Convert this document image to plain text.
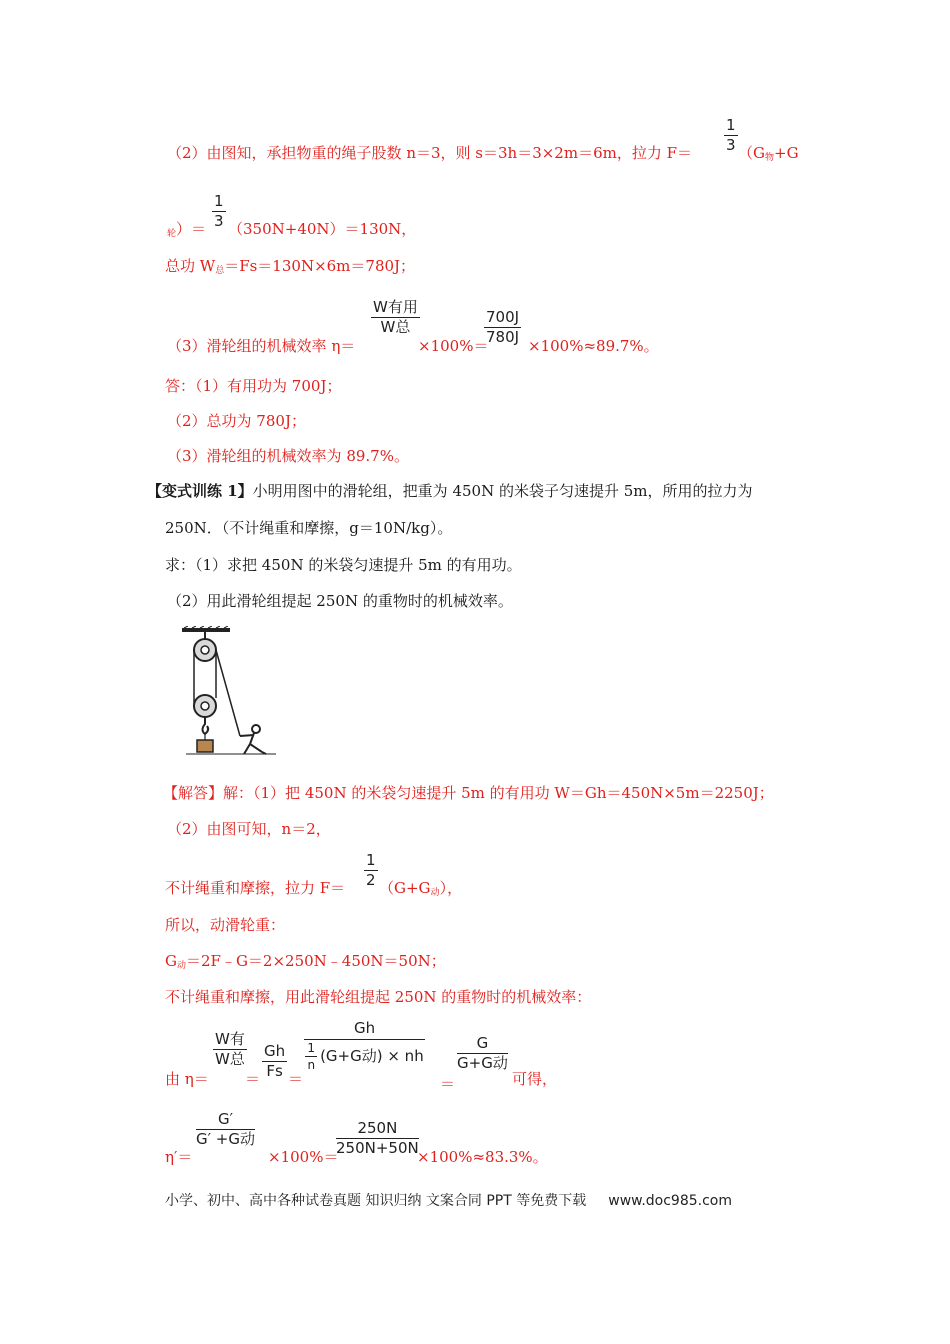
（2）由图知，承担物重的绳子股数 n＝3，则 s＝3h＝3×2m＝6m，拉力 $F= \frac{1}{3} (G_物+G$
$_轮)= \frac{1}{3} (350N+40N)=130N$，
总功 $W_总=Fs=130N\times 6m=780J$；
（3）滑轮组的机械效率 η＝
W有用
W总
×100%＝
$\frac{700J}{780J}$
×100%≈89.7%。
答：（1）有用功为 700J；
（2）总功为 780J；
（3）滑轮组的机械效率为 89.7%。
【变式训练 1】小明用图中的滑轮组，把重为 450N 的米袋子匀速提升 5m，所用的拉力为
250N．（不计绳重和摩擦，g＝10N/kg）。
求：（1）求把 450N 的米袋匀速提升 5m 的有用功。
（2）用此滑轮组提起 250N 的重物时的机械效率。
【解答】解：（1）把 450N 的米袋匀速提升 5m 的有用功 W＝Gh＝450N×5m＝2250J；
（2）由图可知，n＝2，
不计绳重和摩擦，拉力 $F= \frac{1}{2} (G+G_动)$，
所以，动滑轮重：
$G_动=2F﹣G=2\times 250N﹣450N=50N$；
不计绳重和摩擦，用此滑轮组提起 250N 的重物时的机械效率：
由 η＝
W有
W总
＝ $\frac{Gh}{Fs}$ ＝
Gh
$\frac{1}{n} (G+G$动) × nh
＝
G
G+G动
可得，
η′＝
G′
G′ +G动
×100%＝
$\frac{250N}{250N+50N}$
×100%≈83.3%。
小学、初中、高中各种试卷真题 知识归纳 文案合同 PPT 等免费下载 www.doc985.com
